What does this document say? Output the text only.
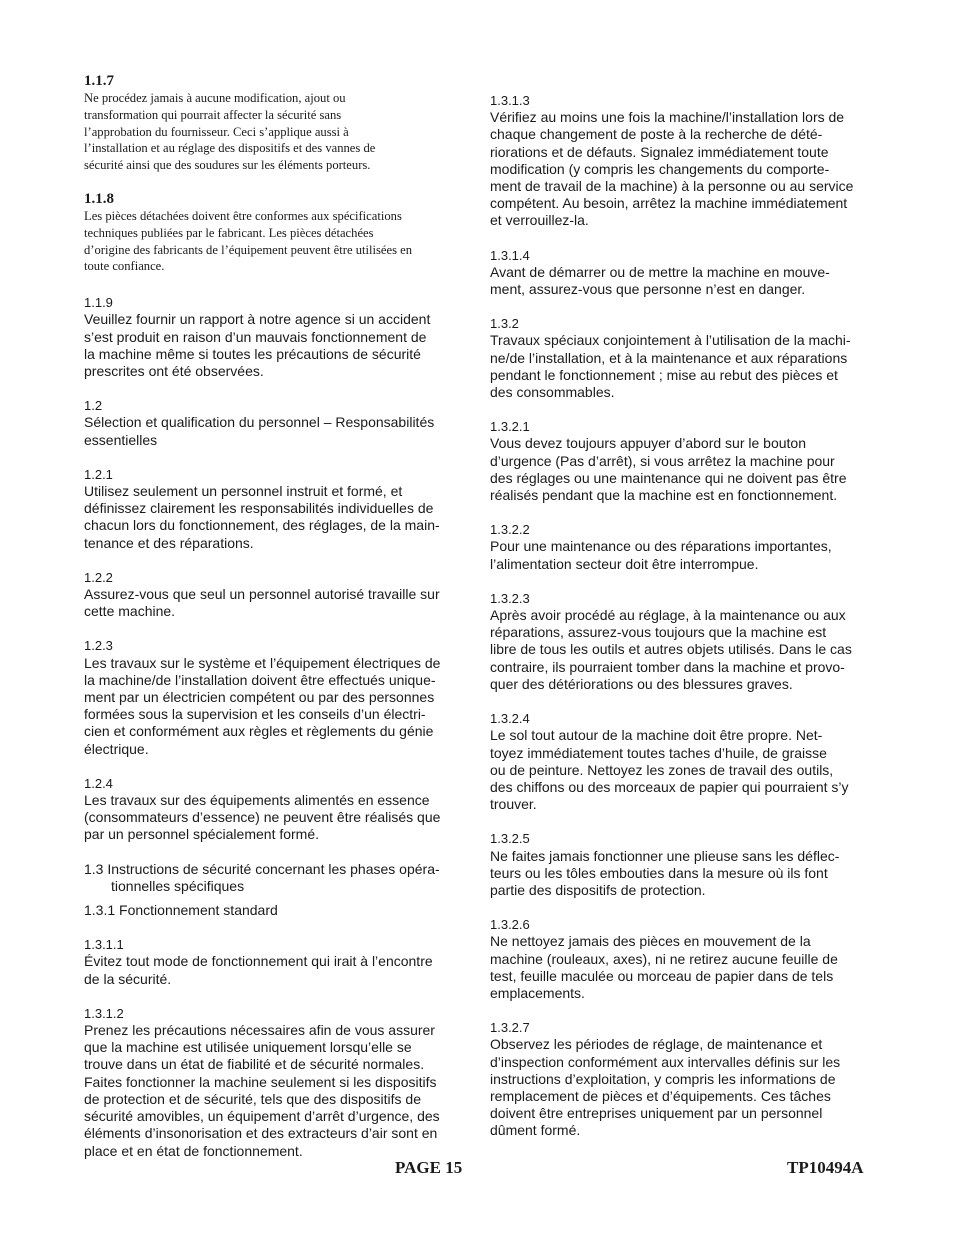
1.1.7
Ne procédez jamais à aucune modification, ajout ou
transformation qui pourrait affecter la sécurité sans
l’approbation du fournisseur. Ceci s’applique aussi à
l’installation et au réglage des dispositifs et des vannes de
sécurité ainsi que des soudures sur les éléments porteurs.
1.1.8
Les pièces détachées doivent être conformes aux spécifications
techniques publiées par le fabricant. Les pièces détachées
d’origine des fabricants de l’équipement peuvent être utilisées en
toute confiance.
1.1.9
Veuillez fournir un rapport à notre agence si un accident
s’est produit en raison d’un mauvais fonctionnement de
la machine même si toutes les précautions de sécurité
prescrites ont été observées.
1.2
Sélection et qualification du personnel – Responsabilités
essentielles
1.2.1
Utilisez seulement un personnel instruit et formé, et
définissez clairement les responsabilités individuelles de
chacun lors du fonctionnement, des réglages, de la main-
tenance et des réparations.
1.2.2
Assurez-vous que seul un personnel autorisé travaille sur
cette machine.
1.2.3
Les travaux sur le système et l’équipement électriques de
la machine/de l’installation doivent être effectués unique-
ment par un électricien compétent ou par des personnes
formées sous la supervision et les conseils d’un électri-
cien et conformément aux règles et règlements du génie
électrique.
1.2.4
Les travaux sur des équipements alimentés en essence
(consommateurs d’essence) ne peuvent être réalisés que
par un personnel spécialement formé.
1.3 Instructions de sécurité concernant les phases opéra-
tionnelles spécifiques
1.3.1 Fonctionnement standard
1.3.1.1
Évitez tout mode de fonctionnement qui irait à l’encontre
de la sécurité.
1.3.1.2
Prenez les précautions nécessaires afin de vous assurer
que la machine est utilisée uniquement lorsqu’elle se
trouve dans un état de fiabilité et de sécurité normales.
Faites fonctionner la machine seulement si les dispositifs
de protection et de sécurité, tels que des dispositifs de
sécurité amovibles, un équipement d’arrêt d’urgence, des
éléments d’insonorisation et des extracteurs d’air sont en
place et en état de fonctionnement.
1.3.1.3
Vérifiez au moins une fois la machine/l’installation lors de
chaque changement de poste à la recherche de dété-
riorations et de défauts. Signalez immédiatement toute
modification (y compris les changements du comporte-
ment de travail de la machine) à la personne ou au service
compétent. Au besoin, arrêtez la machine immédiatement
et verrouillez-la.
1.3.1.4
Avant de démarrer ou de mettre la machine en mouve-
ment, assurez-vous que personne n’est en danger.
1.3.2
Travaux spéciaux conjointement à l’utilisation de la machi-
ne/de l’installation, et à la maintenance et aux réparations
pendant le fonctionnement ; mise au rebut des pièces et
des consommables.
1.3.2.1
Vous devez toujours appuyer d’abord sur le bouton
d’urgence (Pas d’arrêt), si vous arrêtez la machine pour
des réglages ou une maintenance qui ne doivent pas être
réalisés pendant que la machine est en fonctionnement.
1.3.2.2
Pour une maintenance ou des réparations importantes,
l’alimentation secteur doit être interrompue.
1.3.2.3
Après avoir procédé au réglage, à la maintenance ou aux
réparations, assurez-vous toujours que la machine est
libre de tous les outils et autres objets utilisés. Dans le cas
contraire, ils pourraient tomber dans la machine et provo-
quer des détériorations ou des blessures graves.
1.3.2.4
Le sol tout autour de la machine doit être propre. Net-
toyez immédiatement toutes taches d’huile, de graisse
ou de peinture. Nettoyez les zones de travail des outils,
des chiffons ou des morceaux de papier qui pourraient s’y
trouver.
1.3.2.5
Ne faites jamais fonctionner une plieuse sans les déflec-
teurs ou les tôles embouties dans la mesure où ils font
partie des dispositifs de protection.
1.3.2.6
Ne nettoyez jamais des pièces en mouvement de la
machine (rouleaux, axes), ni ne retirez aucune feuille de
test, feuille maculée ou morceau de papier dans de tels
emplacements.
1.3.2.7
Observez les périodes de réglage, de maintenance et
d’inspection conformément aux intervalles définis sur les
instructions d’exploitation, y compris les informations de
remplacement de pièces et d’équipements. Ces tâches
doivent être entreprises uniquement par un personnel
dûment formé.
PAGE 15	TP10494A
